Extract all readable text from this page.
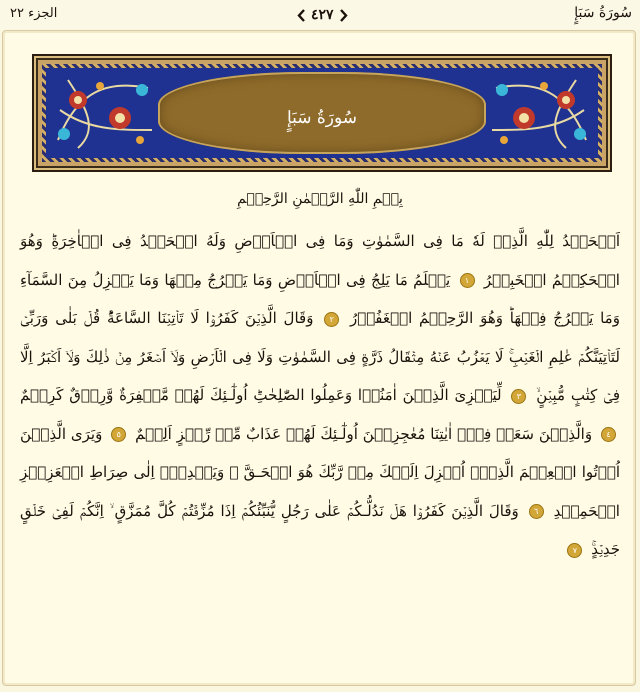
الجزء ٢٢	٤٢٧	سُورَةُ سَبَإٍ
سُورَةُ سَبَإٍ
بِسۡمِ اللّٰهِ الرَّحۡمٰنِ الرَّحِيۡمِ
اَلۡحَمۡدُ لِلّٰهِ الَّذِىۡ لَهٗ مَا فِى السَّمٰوٰتِ وَمَا فِى الۡاَرۡضِ وَلَهُ الۡحَمۡدُ فِى الۡاٰخِرَةِ​ؕ وَهُوَ الۡحَكِيۡمُ الۡخَبِيۡرُ ١ يَعۡلَمُ مَا يَلِجُ فِى الۡاَرۡضِ وَمَا يَخۡرُجُ مِنۡهَا وَمَا يَنۡزِلُ مِنَ السَّمَآءِ وَمَا يَعۡرُجُ فِيۡهَا​ؕ وَهُوَ الرَّحِيۡمُ الۡغَفُوۡرُ ٢ وَقَالَ الَّذِيۡنَ كَفَرُوۡا لَا تَاۡتِيۡنَا السَّاعَةُ​ؕ قُلۡ بَلٰى وَرَبِّىۡ لَتَاۡتِيَنَّكُمۡ عٰلِمِ الۡغَيۡبِ​ۚ لَا يَعۡزُبُ عَنۡهُ مِثۡقَالُ ذَرَّةٍ فِى السَّمٰوٰتِ وَلَا فِى الۡاَرۡضِ وَلَاۤ اَصۡغَرُ مِنۡ ذٰلِكَ وَلَاۤ اَكۡبَرُ اِلَّا فِىۡ كِتٰبٍ مُّبِيۡنٍ​ۙ ٣ لِّيَجۡزِىَ الَّذِيۡنَ اٰمَنُوۡا وَعَمِلُوا الصّٰلِحٰتِ​ؕ اُولٰٓـئِكَ لَهُمۡ مَّغۡفِرَةٌ وَّرِزۡقٌ كَرِيۡمٌ ٤ وَالَّذِيۡنَ سَعَوۡ فِىۡۤ اٰيٰتِنَا مُعٰجِزِيۡنَ اُولٰٓـئِكَ لَهُمۡ عَذَابٌ مِّنۡ رِّجۡزٍ اَلِيۡمٌ ٥ وَيَرَى الَّذِيۡنَ اُوۡتُوا الۡعِلۡمَ الَّذِىۡۤ اُنۡزِلَ اِلَيۡكَ مِنۡ رَّبِّكَ هُوَ الۡحَـقَّ ۙ وَيَهۡدِىۡۤ اِلٰى صِرَاطِ الۡعَزِيۡزِ الۡحَمِيۡدِ ٦ وَقَالَ الَّذِيۡنَ كَفَرُوۡا هَلۡ نَدُلُّـكُمۡ عَلٰى رَجُلٍ يُّنَبِّئُكُمۡ اِذَا مُزِّقۡتُمۡ كُلَّ مُمَزَّقٍ ۙ اِنَّكُمۡ لَفِىۡ خَلۡقٍ جَدِيۡدٍ​ۚ ٧
